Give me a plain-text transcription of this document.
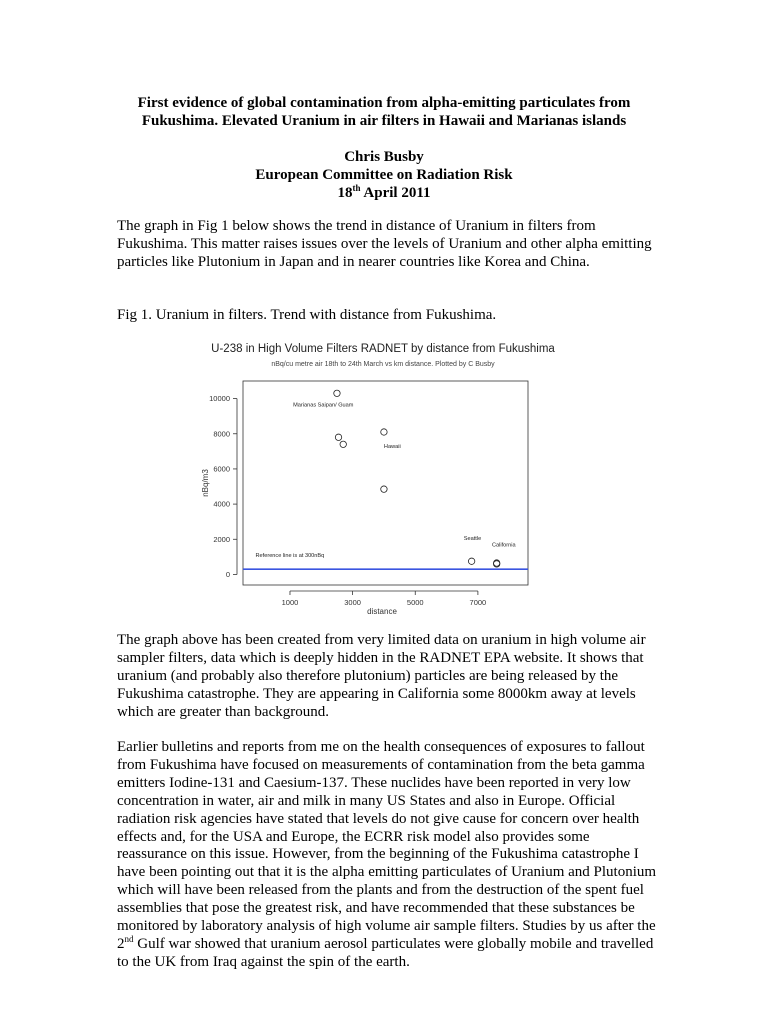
First evidence of global contamination from alpha-emitting particulates from
Fukushima. Elevated Uranium in air filters in Hawaii and Marianas islands
Chris Busby
European Committee on Radiation Risk
18th April 2011

The graph in Fig 1 below shows the trend in distance of Uranium in filters from Fukushima. This matter raises issues over the levels of Uranium and other alpha emitting particles like Plutonium in Japan and in nearer countries like Korea and China.

Fig 1. Uranium in filters. Trend with distance from Fukushima.

U-238 in High Volume Filters RADNET by distance from Fukushima
nBq/cu metre air 18th to 24th March vs km distance. Plotted by C Busby
0
2000
4000
6000
8000
10000
1000	3000	5000	7000
Marianas Saipan/ Guam
Hawaii
Seattle
California
Reference line is at 300nBq
distance
nBq/m3

The graph above has been created from very limited data on uranium in high volume air sampler filters, data which is deeply hidden in the RADNET EPA website. It shows that uranium (and probably also therefore plutonium) particles are being released by the Fukushima catastrophe. They are appearing in California some 8000km away at levels which are greater than background.

Earlier bulletins and reports from me on the health consequences of exposures to fallout from Fukushima have focused on measurements of contamination from the beta gamma emitters Iodine-131 and Caesium-137. These nuclides have been reported in very low concentration in water, air and milk in many US States and also in Europe. Official radiation risk agencies have stated that levels do not give cause for concern over health effects and, for the USA and Europe, the ECRR risk model also provides some reassurance on this issue. However, from the beginning of the Fukushima catastrophe I have been pointing out that it is the alpha emitting particulates of Uranium and Plutonium which will have been released from the plants and from the destruction of the spent fuel assemblies that pose the greatest risk, and have recommended that these substances be monitored by laboratory analysis of high volume air sample filters. Studies by us after the 2nd Gulf war showed that uranium aerosol particulates were globally mobile and travelled to the UK from Iraq against the spin of the earth.
